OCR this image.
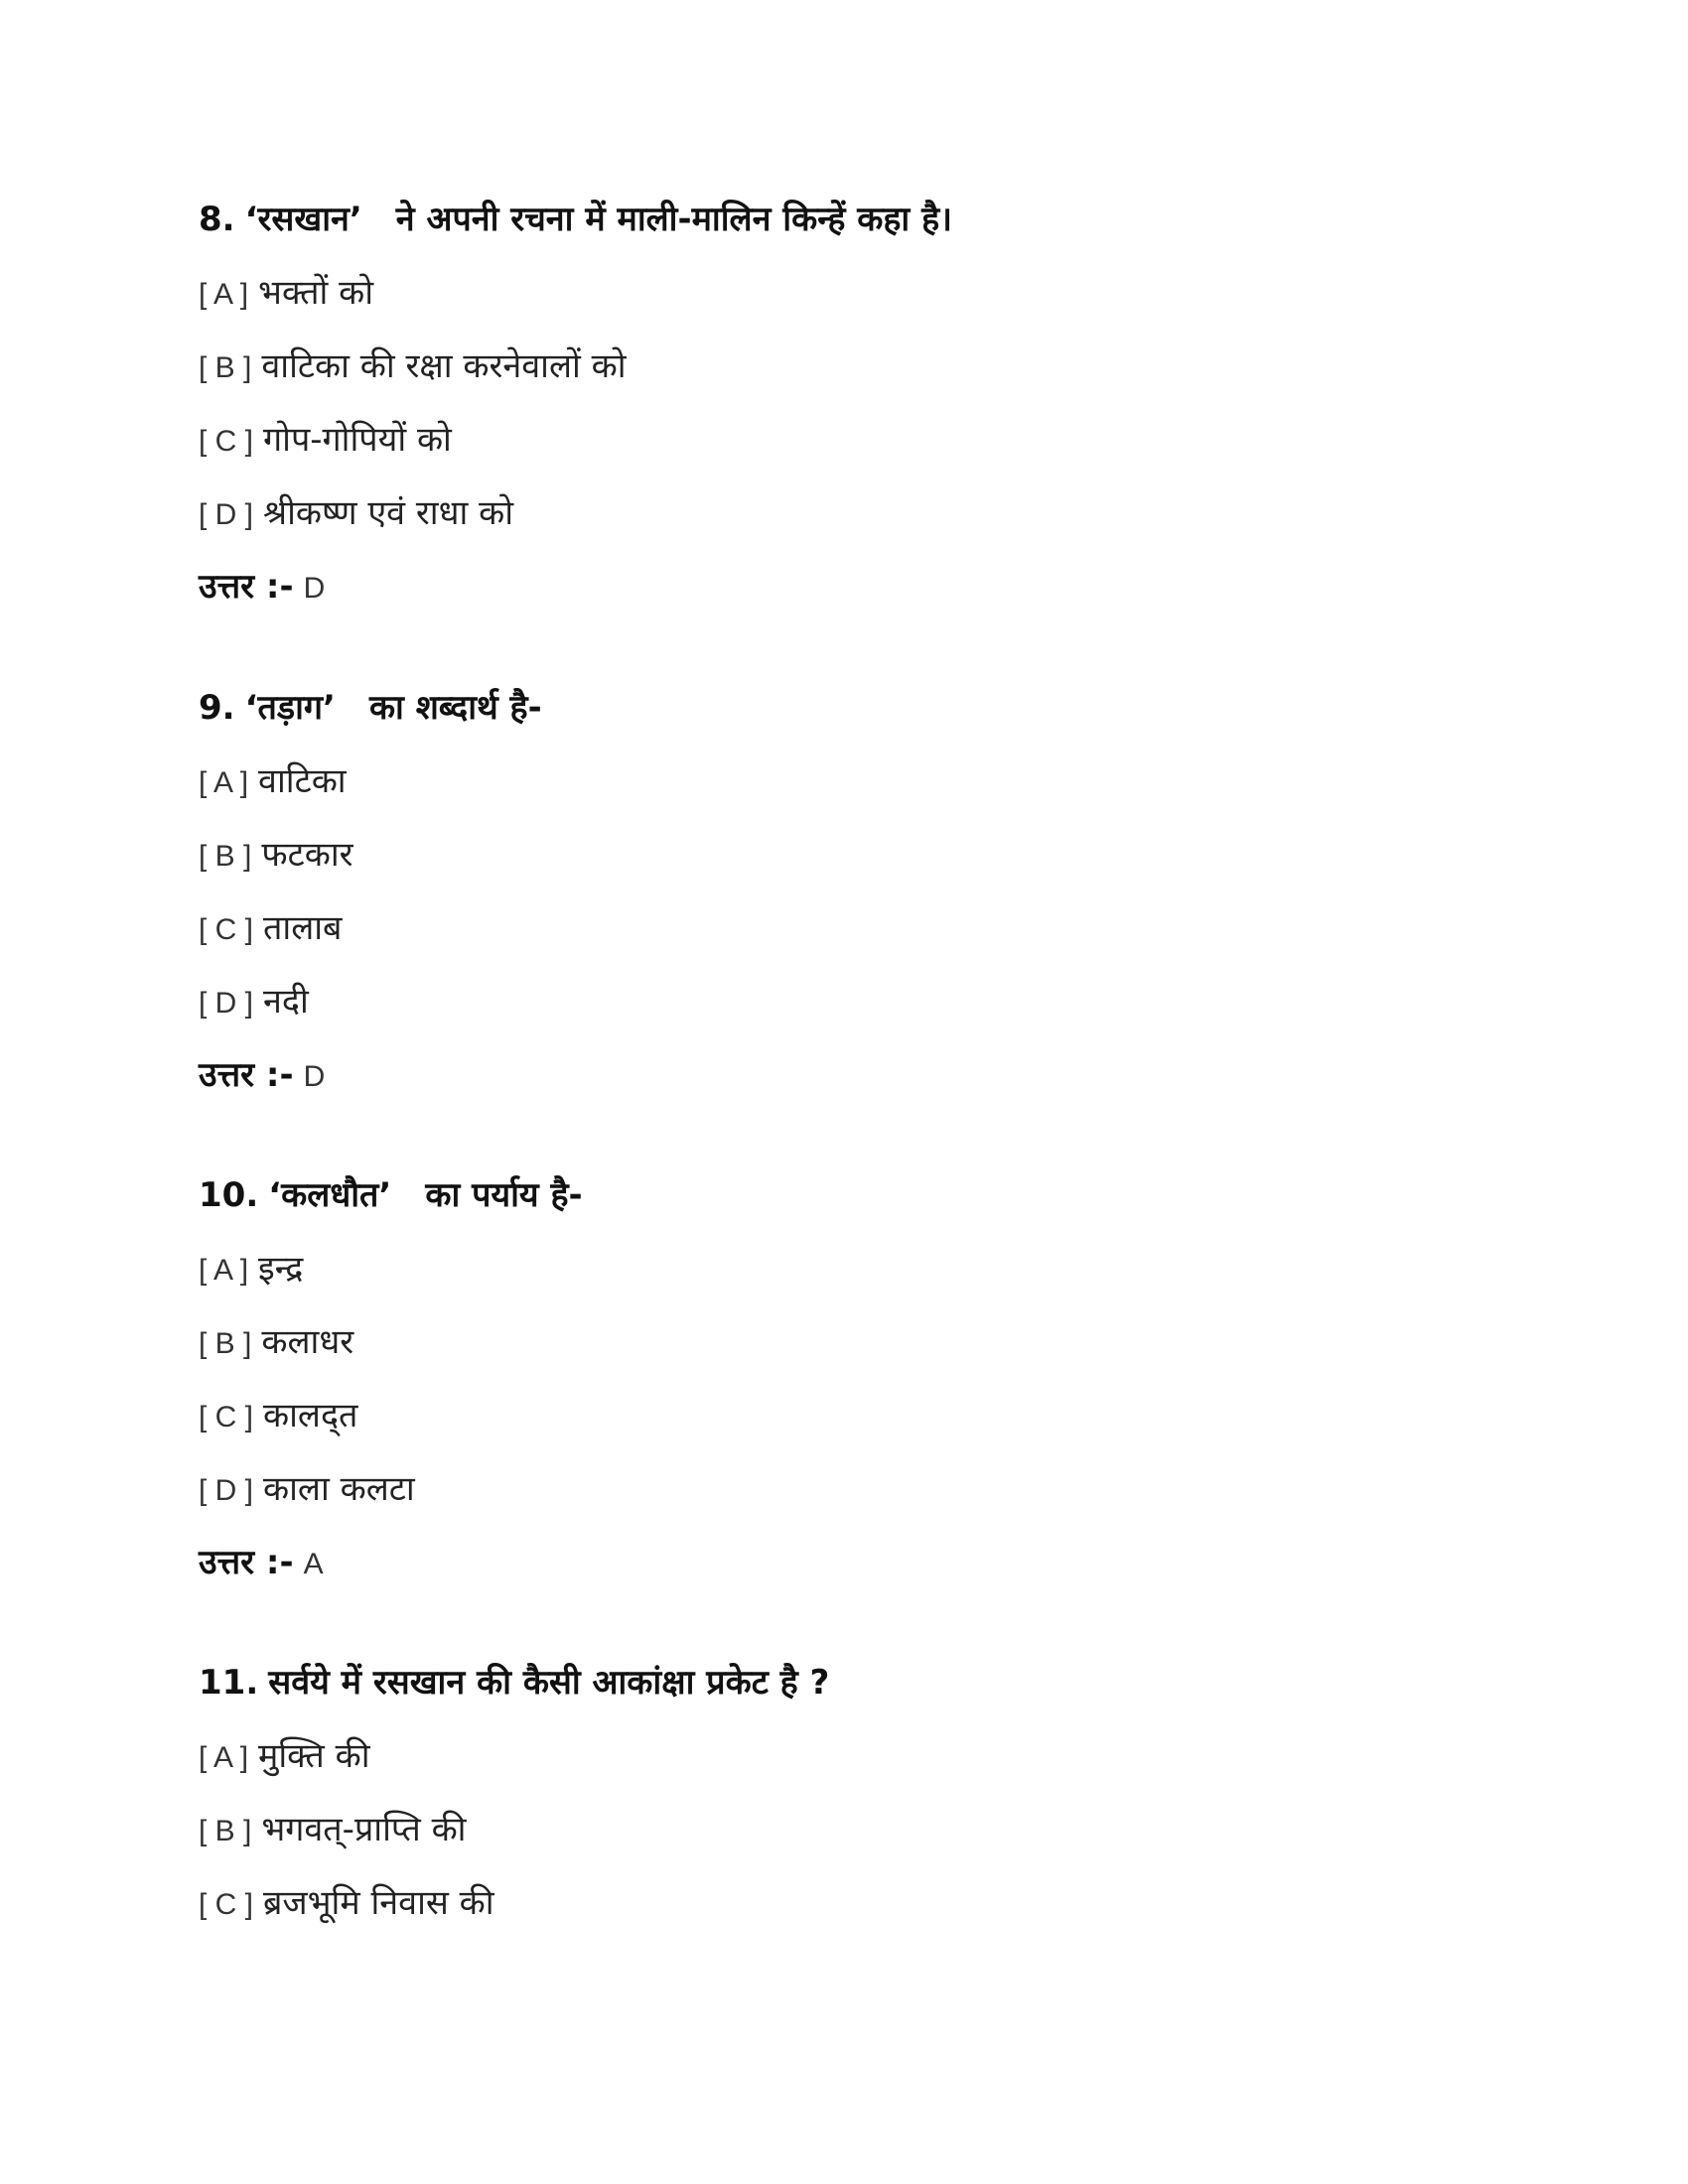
8. ‘रसखान’ ने अपनी रचना में माली-मालिन किन्हें कहा है।
[ A ] भक्तों को
[ B ] वाटिका की रक्षा करनेवालों को
[ C ] गोप-गोपियों को
[ D ] श्रीकष्ण एवं राधा को
उत्तर :- D
9. ‘तड़ाग’ का शब्दार्थ है-
[ A ] वाटिका
[ B ] फटकार
[ C ] तालाब
[ D ] नदी
उत्तर :- D
10. ‘कलधौत’ का पर्याय है-
[ A ] इन्द्र
[ B ] कलाधर
[ C ] कालद्त
[ D ] काला कलटा
उत्तर :- A
11. सर्वये में रसखान की कैसी आकांक्षा प्रकेट है ?
[ A ] मुक्ति की
[ B ] भगवत्-प्राप्ति की
[ C ] ब्रजभूमि निवास की
